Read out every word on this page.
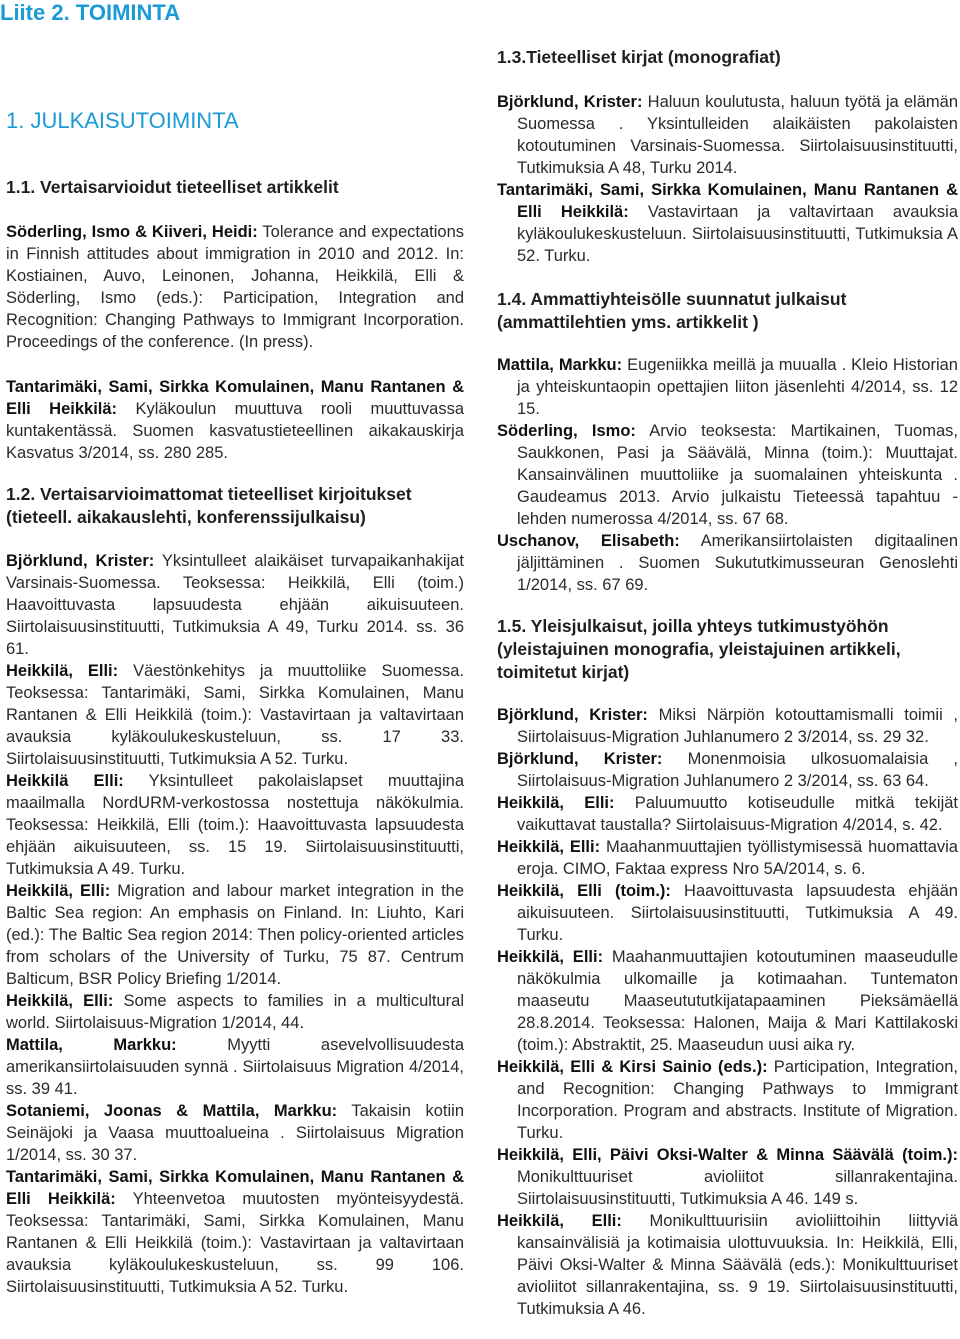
Liite 2. TOIMINTA
1. JULKAISUTOIMINTA
1.1. Vertaisarvioidut tieteelliset artikkelit
Söderling, Ismo & Kiiveri, Heidi: Tolerance and expectations in Finnish attitudes about immigration in 2010 and 2012. In: Kostiainen, Auvo, Leinonen, Johanna, Heikkilä, Elli & Söderling, Ismo (eds.): Participation, Integration and Recognition: Changing Pathways to Immigrant Incorporation. Proceedings of the conference. (In press).
Tantarimäki, Sami, Sirkka Komulainen, Manu Rantanen & Elli Heikkilä: Kyläkoulun muuttuva rooli muuttuvassa kuntakentässä. Suomen kasvatustieteellinen aikakauskirja Kasvatus 3/2014, ss. 280 285.
1.2. Vertaisarvioimattomat tieteelliset kirjoitukset (tieteell. aikakauslehti, konferenssijulkaisu)
Björklund, Krister: Yksintulleet alaikäiset turvapaikanhakijat Varsinais-Suomessa. Teoksessa: Heikkilä, Elli (toim.) Haavoittuvasta lapsuudesta ehjään aikuisuuteen. Siirtolaisuusinstituutti, Tutkimuksia A 49, Turku 2014. ss. 36 61.
Heikkilä, Elli: Väestönkehitys ja muuttoliike Suomessa. Teoksessa: Tantarimäki, Sami, Sirkka Komulainen, Manu Rantanen & Elli Heikkilä (toim.): Vastavirtaan ja valtavirtaan avauksia kyläkoulukeskusteluun, ss. 17 33. Siirtolaisuusinstituutti, Tutkimuksia A 52. Turku.
Heikkilä Elli: Yksintulleet pakolaislapset muuttajina maailmalla NordURM-verkostossa nostettuja näkökulmia. Teoksessa: Heikkilä, Elli (toim.): Haavoittuvasta lapsuudesta ehjään aikuisuuteen, ss. 15 19. Siirtolaisuusinstituutti, Tutkimuksia A 49. Turku.
Heikkilä, Elli: Migration and labour market integration in the Baltic Sea region: An emphasis on Finland. In: Liuhto, Kari (ed.): The Baltic Sea region 2014: Then policy-oriented articles from scholars of the University of Turku, 75 87. Centrum Balticum, BSR Policy Briefing 1/2014.
Heikkilä, Elli: Some aspects to families in a multicultural world. Siirtolaisuus-Migration 1/2014, 44.
Mattila, Markku: Myytti asevelvollisuudesta amerikansiirtolaisuuden synnä . Siirtolaisuus Migration 4/2014, ss. 39 41.
Sotaniemi, Joonas & Mattila, Markku: Takaisin kotiin Seinäjoki ja Vaasa muuttoalueina . Siirtolaisuus Migration 1/2014, ss. 30 37.
Tantarimäki, Sami, Sirkka Komulainen, Manu Rantanen & Elli Heikkilä: Yhteenvetoa muutosten myönteisyydestä. Teoksessa: Tantarimäki, Sami, Sirkka Komulainen, Manu Rantanen & Elli Heikkilä (toim.): Vastavirtaan ja valtavirtaan avauksia kyläkoulukeskusteluun, ss. 99 106. Siirtolaisuusinstituutti, Tutkimuksia A 52. Turku.
1.3.Tieteelliset kirjat (monografiat)
Björklund, Krister: Haluun koulutusta, haluun työtä ja elämän Suomessa . Yksintulleiden alaikäisten pakolaisten kotoutuminen Varsinais-Suomessa. Siirtolaisuusinstituutti, Tutkimuksia A 48, Turku 2014.
Tantarimäki, Sami, Sirkka Komulainen, Manu Rantanen & Elli Heikkilä: Vastavirtaan ja valtavirtaan avauksia kyläkoulukeskusteluun. Siirtolaisuusinstituutti, Tutkimuksia A 52. Turku.
1.4. Ammattiyhteisölle suunnatut julkaisut (ammattilehtien yms. artikkelit )
Mattila, Markku: Eugeniikka meillä ja muualla . Kleio Historian ja yhteiskuntaopin opettajien liiton jäsenlehti 4/2014, ss. 12 15.
Söderling, Ismo: Arvio teoksesta: Martikainen, Tuomas, Saukkonen, Pasi ja Säävälä, Minna (toim.): Muuttajat. Kansainvälinen muuttoliike ja suomalainen yhteiskunta . Gaudeamus 2013. Arvio julkaistu Tieteessä tapahtuu -lehden numerossa 4/2014, ss. 67 68.
Uschanov, Elisabeth: Amerikansiirtolaisten digitaalinen jäljittäminen . Suomen Sukututkimusseuran Genoslehti 1/2014, ss. 67 69.
1.5. Yleisjulkaisut, joilla yhteys tutkimustyöhön (yleistajuinen monografia, yleistajuinen artikkeli, toimitetut kirjat)
Björklund, Krister: Miksi Närpiön kotouttamismalli toimii , Siirtolaisuus-Migration Juhlanumero 2 3/2014, ss. 29 32.
Björklund, Krister: Monenmoisia ulkosuomalaisia , Siirtolaisuus-Migration Juhlanumero 2 3/2014, ss. 63 64.
Heikkilä, Elli: Paluumuutto kotiseudulle mitkä tekijät vaikuttavat taustalla? Siirtolaisuus-Migration 4/2014, s. 42.
Heikkilä, Elli: Maahanmuuttajien työllistymisessä huomattavia eroja. CIMO, Faktaa express Nro 5A/2014, s. 6.
Heikkilä, Elli (toim.): Haavoittuvasta lapsuudesta ehjään aikuisuuteen. Siirtolaisuusinstituutti, Tutkimuksia A 49. Turku.
Heikkilä, Elli: Maahanmuuttajien kotoutuminen maaseudulle näkökulmia ulkomaille ja kotimaahan. Tuntematon maaseutu Maaseutututkijatapaaminen Pieksämäellä 28.8.2014. Teoksessa: Halonen, Maija & Mari Kattilakoski (toim.): Abstraktit, 25. Maaseudun uusi aika ry.
Heikkilä, Elli & Kirsi Sainio (eds.): Participation, Integration, and Recognition: Changing Pathways to Immigrant Incorporation. Program and abstracts. Institute of Migration. Turku.
Heikkilä, Elli, Päivi Oksi-Walter & Minna Säävälä (toim.): Monikulttuuriset avioliitot sillanrakentajina. Siirtolaisuusinstituutti, Tutkimuksia A 46. 149 s.
Heikkilä, Elli: Monikulttuurisiin avioliittoihin liittyviä kansainvälisiä ja kotimaisia ulottuvuuksia. In: Heikkilä, Elli, Päivi Oksi-Walter & Minna Säävälä (eds.): Monikulttuuriset avioliitot sillanrakentajina, ss. 9 19. Siirtolaisuusinstituutti, Tutkimuksia A 46.
